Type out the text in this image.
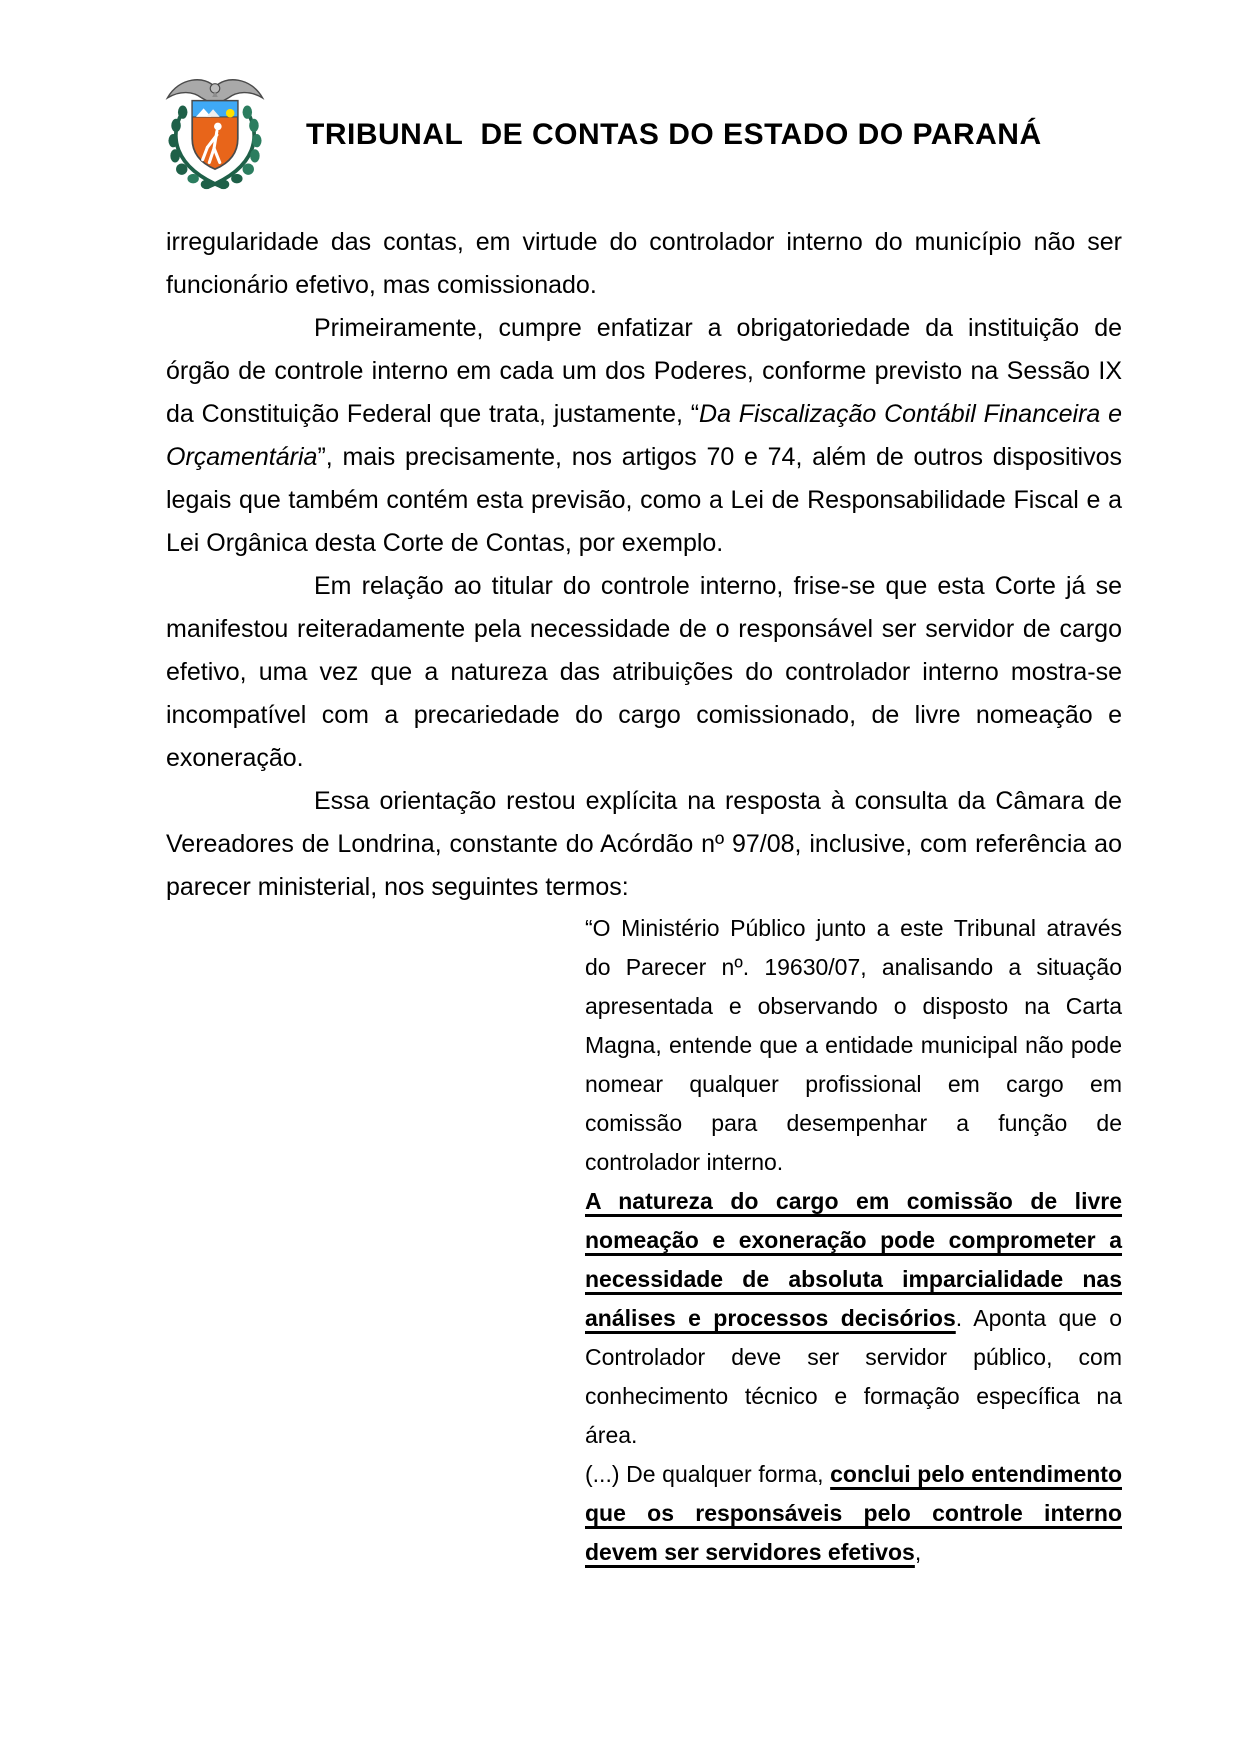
TRIBUNAL  DE CONTAS DO ESTADO DO PARANÁ

irregularidade das contas, em virtude do controlador interno do município não ser funcionário efetivo, mas comissionado.

Primeiramente, cumpre enfatizar a obrigatoriedade da instituição de órgão de controle interno em cada um dos Poderes, conforme previsto na Sessão IX da Constituição Federal que trata, justamente, “Da Fiscalização Contábil Financeira e Orçamentária”, mais precisamente, nos artigos 70 e 74, além de outros dispositivos legais que também contém esta previsão, como a Lei de Responsabilidade Fiscal e a Lei Orgânica desta Corte de Contas, por exemplo.

Em relação ao titular do controle interno, frise-se que esta Corte já se manifestou reiteradamente pela necessidade de o responsável ser servidor de cargo efetivo, uma vez que a natureza das atribuições do controlador interno mostra-se incompatível com a precariedade do cargo comissionado, de livre nomeação e exoneração.

Essa orientação restou explícita na resposta à consulta da Câmara de Vereadores de Londrina, constante do Acórdão nº 97/08, inclusive, com referência ao parecer ministerial, nos seguintes termos:

“O Ministério Público junto a este Tribunal através do Parecer nº. 19630/07, analisando a situação apresentada e observando o disposto na Carta Magna, entende que a entidade municipal não pode nomear qualquer profissional em cargo em comissão para desempenhar a função de controlador interno.

A natureza do cargo em comissão de livre nomeação e exoneração pode comprometer a necessidade de absoluta imparcialidade nas análises e processos decisórios. Aponta que o Controlador deve ser servidor público, com conhecimento técnico e formação específica na área.

(...) De qualquer forma, conclui pelo entendimento que os responsáveis pelo controle interno devem ser servidores efetivos,
